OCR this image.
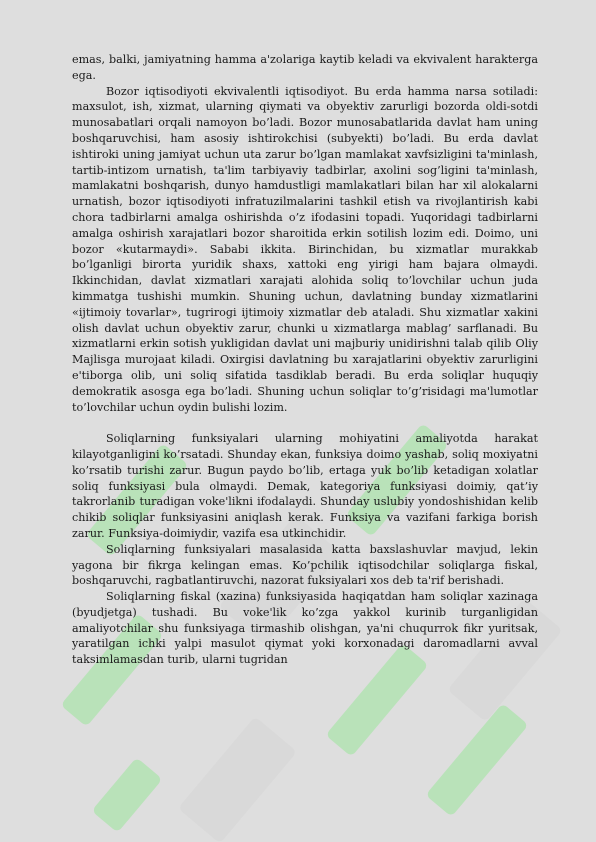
emas, balki, jamiyatning hamma a'zolariga kaytib keladi va ekvivalent harakterga ega.

Bozor iqtisodiyoti ekvivalentli iqtisodiyot. Bu erda hamma narsa sotiladi: maxsulot, ish, xizmat, ularning qiymati va obyektiv zarurligi bozorda oldi-sotdi munosabatlari orqali namoyon bo’ladi. Bozor munosabatlarida davlat ham uning boshqaruvchisi, ham asosiy ishtirokchisi (subyekti) bo’ladi. Bu erda davlat ishtiroki uning jamiyat uchun uta zarur bo’lgan mamlakat xavfsizligini ta'minlash, tartib-intizom urnatish, ta'lim tarbiyaviy tadbirlar, axolini sog’ligini ta'minlash, mamlakatni boshqarish, dunyo hamdustligi mamlakatlari bilan har xil alokalarni urnatish, bozor iqtisodiyoti infratuzilmalarini tashkil etish va rivojlantirish kabi chora tadbirlarni amalga oshirishda o’z ifodasini topadi. Yuqoridagi tadbirlarni amalga oshirish xarajatlari bozor sharoitida erkin sotilish lozim edi. Doimo, uni bozor «kutarmaydi». Sababi ikkita. Birinchidan, bu xizmatlar murakkab bo’lganligi birorta yuridik shaxs, xattoki eng yirigi ham bajara olmaydi. Ikkinchidan, davlat xizmatlari xarajati alohida soliq to’lovchilar uchun juda kimmatga tushishi mumkin. Shuning uchun, davlatning bunday xizmatlarini «ijtimoiy tovarlar», tugrirogi ijtimoiy xizmatlar deb ataladi. Shu xizmatlar xakini olish davlat uchun obyektiv zarur, chunki u xizmatlarga mablag’ sarflanadi. Bu xizmatlarni erkin sotish yukligidan davlat uni majburiy unidirishni talab qilib Oliy Majlisga murojaat kiladi. Oxirgisi davlatning bu xarajatlarini obyektiv zarurligini e'tiborga olib, uni soliq sifatida tasdiklab beradi. Bu erda soliqlar huquqiy demokratik asosga ega bo’ladi. Shuning uchun soliqlar to’g’risidagi ma'lumotlar to’lovchilar uchun oydin bulishi lozim.

Soliqlarning funksiyalari ularning mohiyatini amaliyotda harakat kilayotganligini ko’rsatadi. Shunday ekan, funksiya doimo yashab, soliq moxiyatni ko’rsatib turishi zarur. Bugun paydo bo’lib, ertaga yuk bo’lib ketadigan xolatlar soliq funksiyasi bula olmaydi. Demak, kategoriya funksiyasi doimiy, qat’iy takrorlanib turadigan voke'likni ifodalaydi. Shunday uslubiy yondoshishidan kelib chikib soliqlar funksiyasini aniqlash kerak. Funksiya va vazifani farkiga borish zarur. Funksiya-doimiydir, vazifa esa utkinchidir.

Soliqlarning funksiyalari masalasida katta baxslashuvlar mavjud, lekin yagona bir fikrga kelingan emas. Ko’pchilik iqtisodchilar soliqlarga fiskal, boshqaruvchi, ragbatlantiruvchi, nazorat fuksiyalari xos deb ta'rif berishadi.

Soliqlarning fiskal (xazina) funksiyasida haqiqatdan ham soliqlar xazinaga (byudjetga) tushadi. Bu voke'lik ko’zga yakkol kurinib turganligidan amaliyotchilar shu funksiyaga tirmashib olishgan, ya'ni chuqurrok fikr yuritsak, yaratilgan ichki yalpi masulot qiymat yoki korxonadagi daromadlarni avval taksimlamasdan turib, ularni tugridan
